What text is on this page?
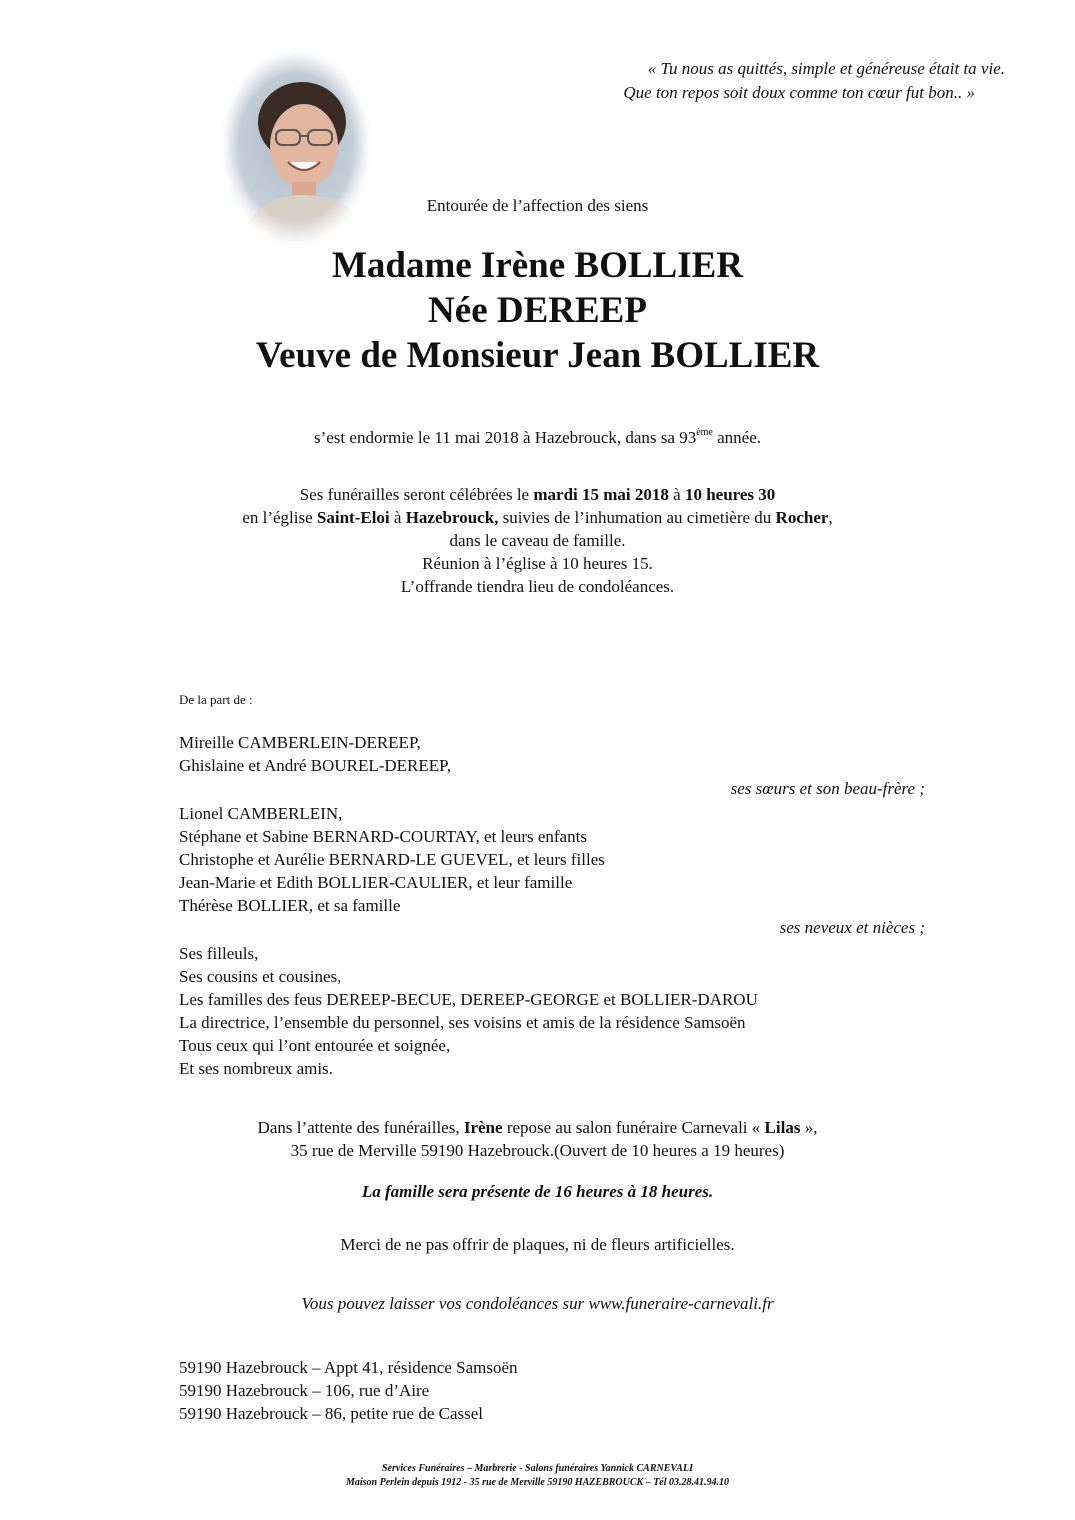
« Tu nous as quittés, simple et généreuse était ta vie.
Que ton repos soit doux comme ton cœur fut bon.. »
Entourée de l’affection des siens
Madame Irène BOLLIER
Née DEREEP
Veuve de Monsieur Jean BOLLIER
s’est endormie le 11 mai 2018 à Hazebrouck, dans sa 93ème année.
Ses funérailles seront célébrées le mardi 15 mai 2018 à 10 heures 30
en l’église Saint-Eloi à Hazebrouck, suivies de l’inhumation au cimetière du Rocher,
dans le caveau de famille.
Réunion à l’église à 10 heures 15.
L’offrande tiendra lieu de condoléances.
De la part de :
Mireille CAMBERLEIN-DEREEP,
Ghislaine et André BOUREL-DEREEP,
ses sœurs et son beau-frère ;
Lionel CAMBERLEIN,
Stéphane et Sabine BERNARD-COURTAY, et leurs enfants
Christophe et Aurélie BERNARD-LE GUEVEL, et leurs filles
Jean-Marie et Edith BOLLIER-CAULIER, et leur famille
Thérèse BOLLIER, et sa famille
ses neveux et nièces ;
Ses filleuls,
Ses cousins et cousines,
Les familles des feus DEREEP-BECUE, DEREEP-GEORGE et BOLLIER-DAROU
La directrice, l’ensemble du personnel, ses voisins et amis de la résidence Samsoën
Tous ceux qui l’ont entourée et soignée,
Et ses nombreux amis.
Dans l’attente des funérailles, Irène repose au salon funéraire Carnevali « Lilas »,
35 rue de Merville 59190 Hazebrouck.(Ouvert de 10 heures a 19 heures)
La famille sera présente de 16 heures à 18 heures.
Merci de ne pas offrir de plaques, ni de fleurs artificielles.
Vous pouvez laisser vos condoléances sur www.funeraire-carnevali.fr
59190 Hazebrouck – Appt 41, résidence Samsoën
59190 Hazebrouck – 106, rue d’Aire
59190 Hazebrouck – 86, petite rue de Cassel
Services Funéraires – Marbrerie - Salons funéraires Yannick CARNEVALI
Maison Perlein depuis 1912 - 35 rue de Merville 59190 HAZEBROUCK – Tél 03.28.41.94.10
